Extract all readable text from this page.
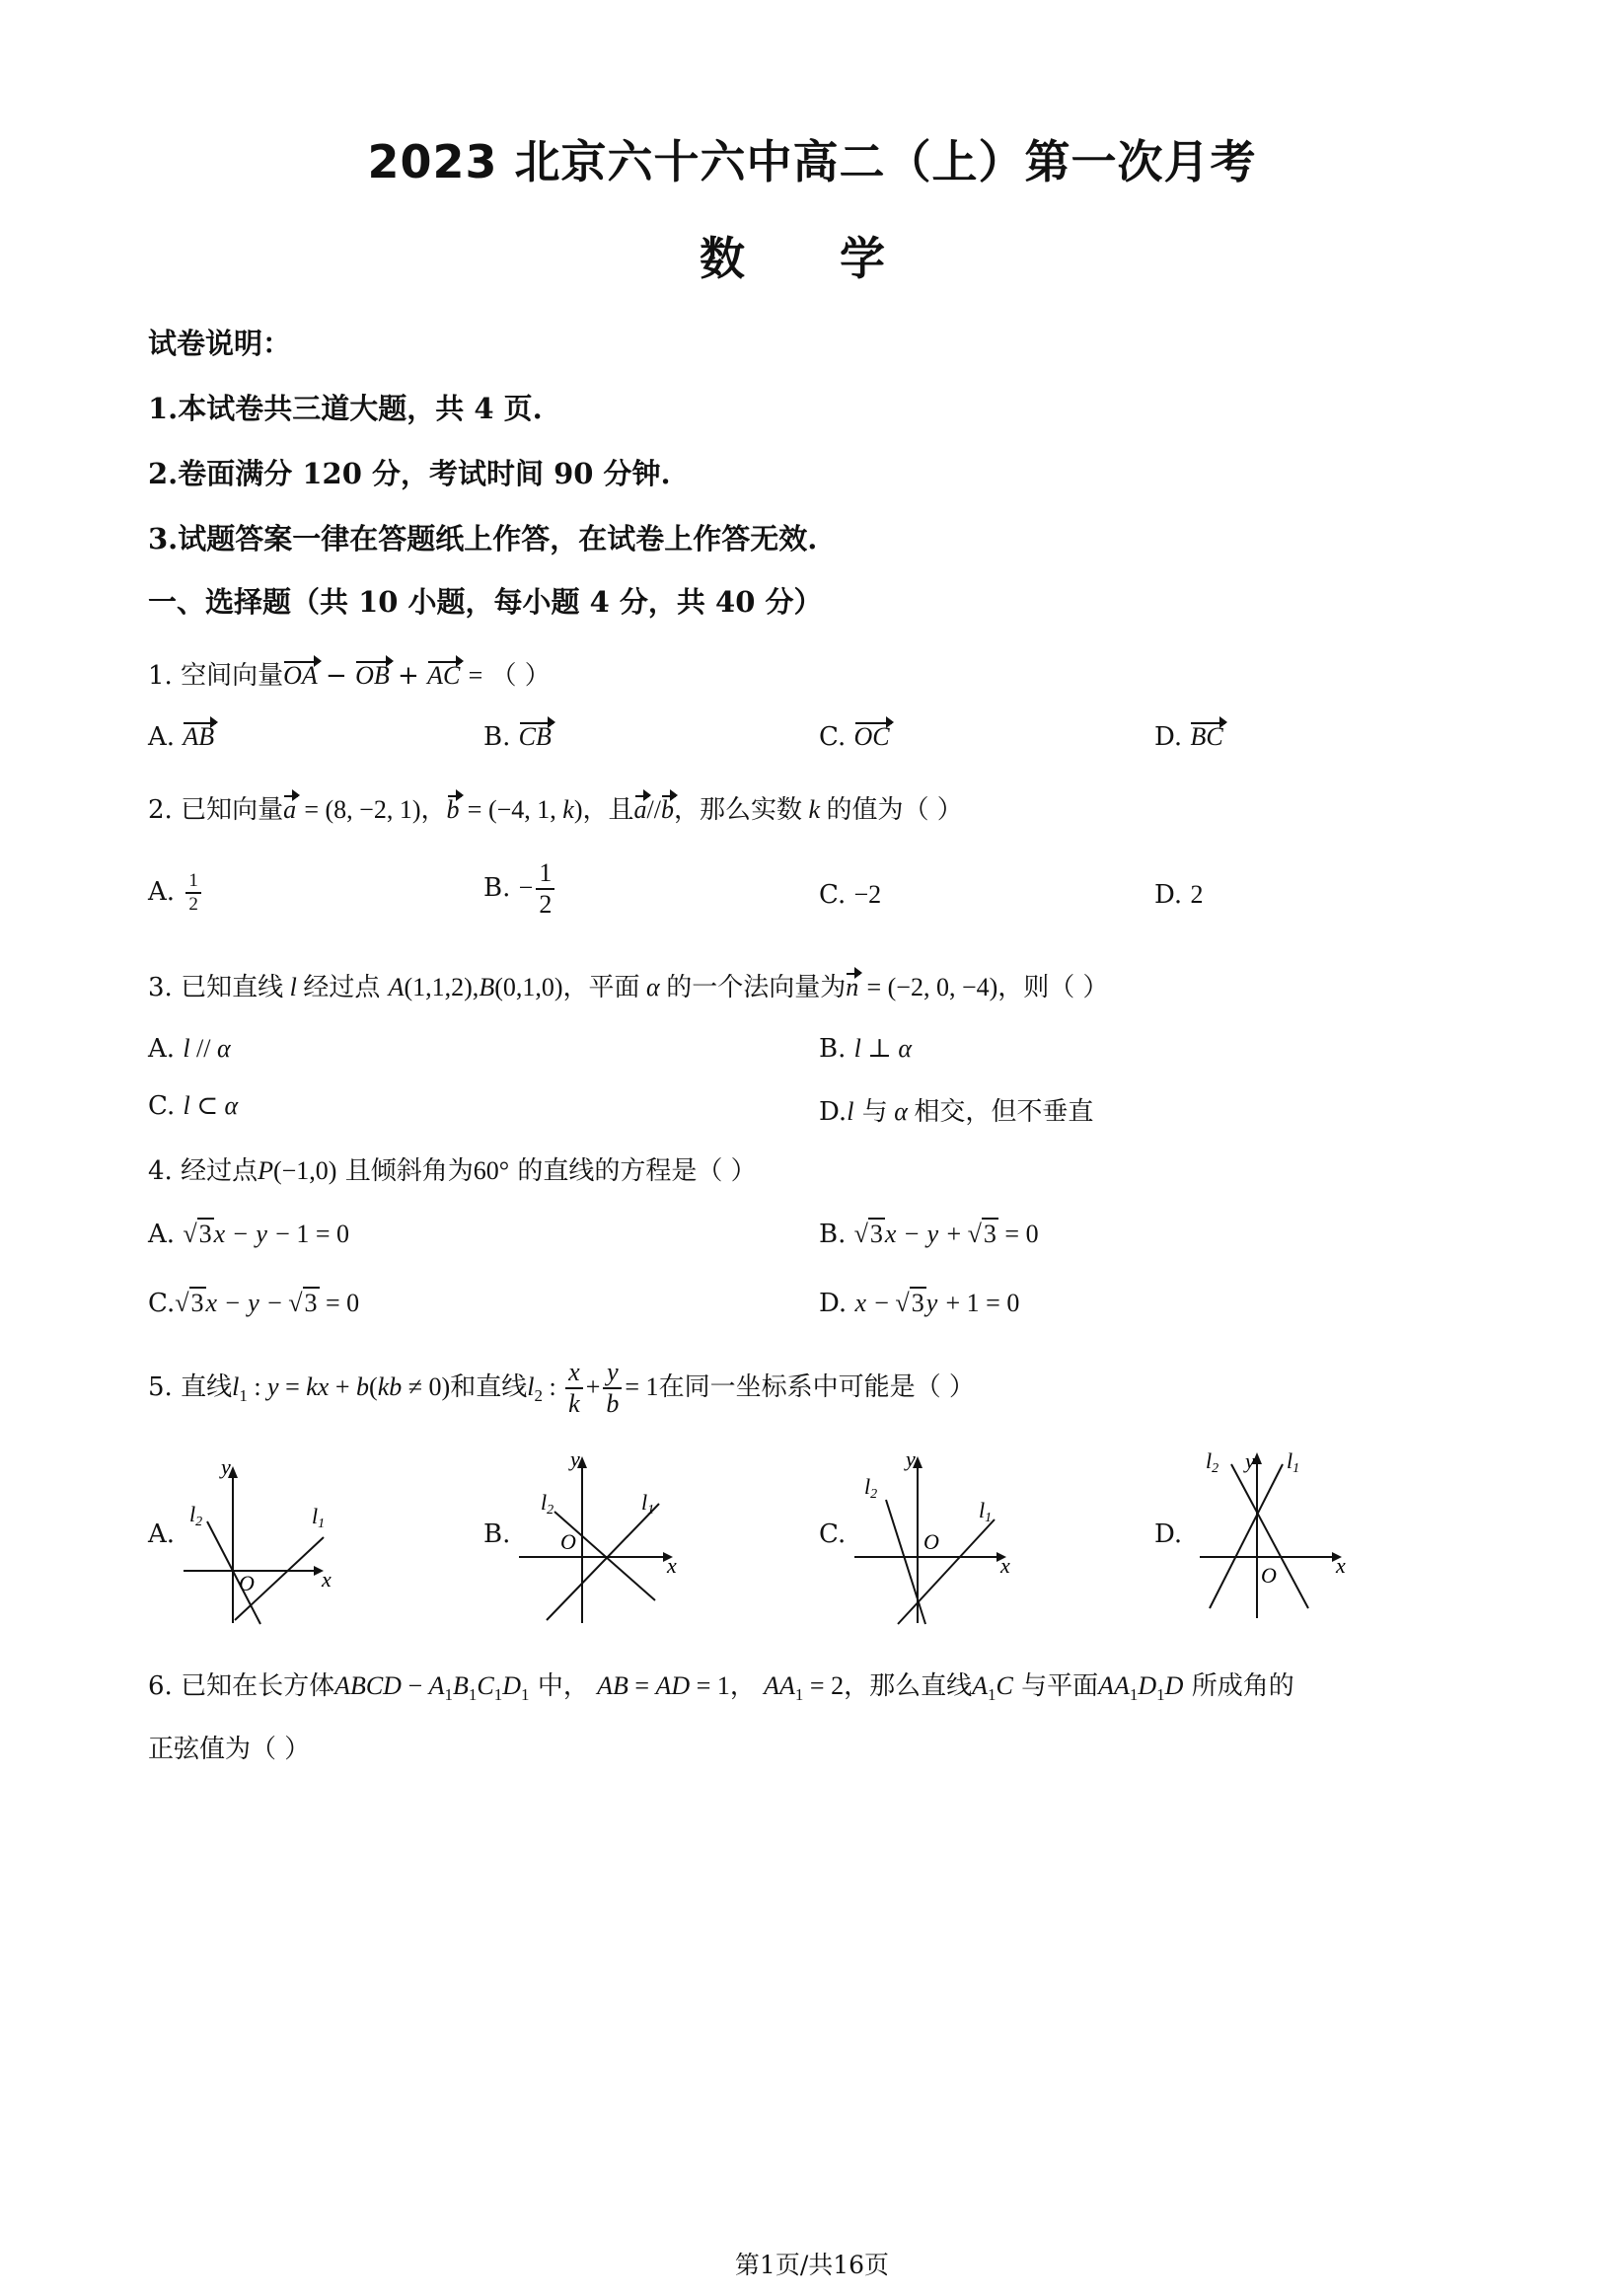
2023 北京六十六中高二（上）第一次月考
数 学
试卷说明：
1.本试卷共三道大题，共 4 页.
2.卷面满分 120 分，考试时间 90 分钟.
3.试题答案一律在答题纸上作答，在试卷上作答无效.
一、选择题（共 10 小题，每小题 4 分，共 40 分）
1. 空间向量OA − OB + AC = （ ）
A. AB	B. CB	C. OC	D. BC
2. 已知向量a = (8, −2, 1)，b = (−4, 1, k)，且a//b，那么实数 k 的值为（ ）
A. $\frac{1}{2}$	B. − $\frac{1}{2}$	C. −2	D. 2
3. 已知直线 l 经过点 A(1,1,2),B(0,1,0)，平面 α 的一个法向量为n = (−2, 0, −4)，则（ ）
A. l // α	B. l ⊥ α
C. l ⊂ α	D.l 与 α 相交，但不垂直
4. 经过点P(−1,0) 且倾斜角为60° 的直线的方程是（ ）
A. √3x − y − 1 = 0	B. √3x − y + √3 = 0
C.√3x − y − √3 = 0	D. x − √3y + 1 = 0
5. 直线$l_1$ : y = kx + b(kb ≠ 0)和直线$l_2$ : $\frac{x}{k} + \frac{y}{b} = 1$在同一坐标系中可能是（ ）
A.
y
x
O
l2	l1	B.
y
x
O
l2	l1
C.
y
x
O
l2
l1
D.
y
x
O
l2	l1
6. 已知在长方体ABCD − $A_1B_1C_1D_1$ 中， AB = AD = 1， $AA_1 = 2$，那么直线$A_1C$ 与平面$AA_1D_1D$ 所成角的
正弦值为（ ）
第1页/共16页
